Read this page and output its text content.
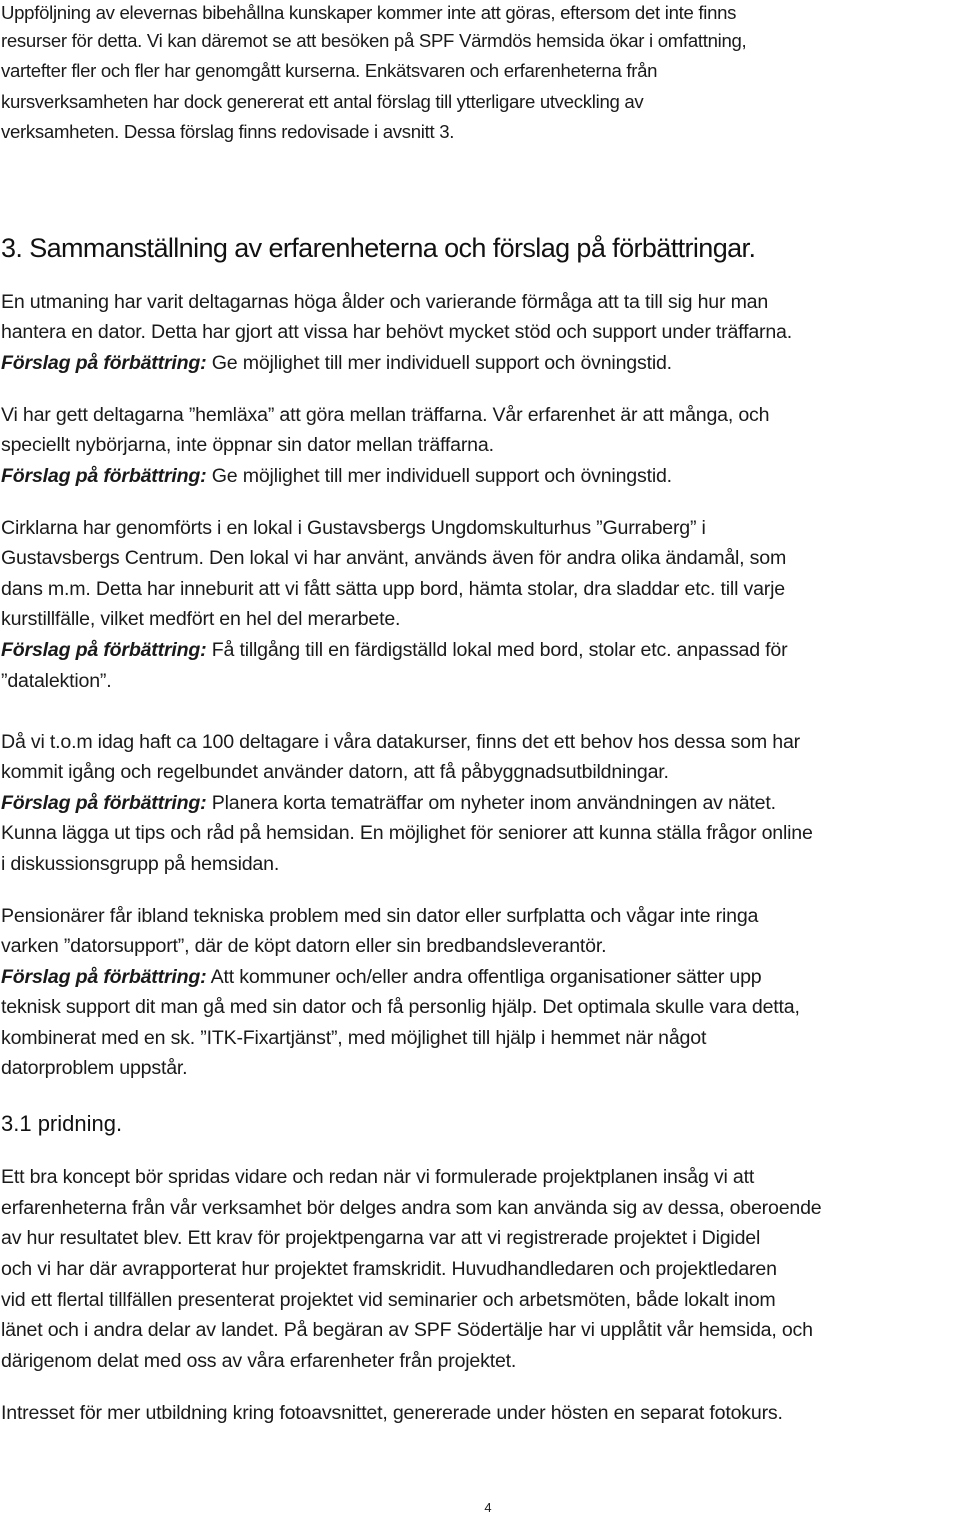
Uppföljning av elevernas bibehållna kunskaper kommer inte att göras, eftersom det inte finns
resurser för detta. Vi kan däremot se att besöken på SPF Värmdös hemsida ökar i omfattning,
vartefter fler och fler har genomgått kurserna. Enkätsvaren och erfarenheterna från
kursverksamheten har dock genererat ett antal förslag till ytterligare utveckling av
verksamheten. Dessa förslag finns redovisade i avsnitt 3.
3. Sammanställning av erfarenheterna och förslag på förbättringar.
En utmaning har varit deltagarnas höga ålder och varierande förmåga att ta till sig hur man
hantera en dator. Detta har gjort att vissa har behövt mycket stöd och support under träffarna.
Förslag på förbättring: Ge möjlighet till mer individuell support och övningstid.
Vi har gett deltagarna ”hemläxa” att göra mellan träffarna. Vår erfarenhet är att många, och
speciellt nybörjarna, inte öppnar sin dator mellan träffarna.
Förslag på förbättring: Ge möjlighet till mer individuell support och övningstid.
Cirklarna har genomförts i en lokal i Gustavsbergs Ungdomskulturhus ”Gurraberg” i
Gustavsbergs Centrum. Den lokal vi har använt, används även för andra olika ändamål, som
dans m.m. Detta har inneburit att vi fått sätta upp bord, hämta stolar, dra sladdar etc. till varje
kurstillfälle, vilket medfört en hel del merarbete.
Förslag på förbättring: Få tillgång till en färdigställd lokal med bord, stolar etc. anpassad för
”datalektion”.
Då vi t.o.m idag haft ca 100 deltagare i våra datakurser, finns det ett behov hos dessa som har
kommit igång och regelbundet använder datorn, att få påbyggnadsutbildningar.
Förslag på förbättring: Planera korta tematräffar om nyheter inom användningen av nätet.
Kunna lägga ut tips och råd på hemsidan. En möjlighet för seniorer att kunna ställa frågor online
i diskussionsgrupp på hemsidan.
Pensionärer får ibland tekniska problem med sin dator eller surfplatta och vågar inte ringa
varken ”datorsupport”, där de köpt datorn eller sin bredbandsleverantör.
Förslag på förbättring: Att kommuner och/eller andra offentliga organisationer sätter upp
teknisk support dit man gå med sin dator och få personlig hjälp. Det optimala skulle vara detta,
kombinerat med en sk. ”ITK-Fixartjänst”, med möjlighet till hjälp i hemmet när något
datorproblem uppstår.
3.1 pridning.
Ett bra koncept bör spridas vidare och redan när vi formulerade projektplanen insåg vi att
erfarenheterna från vår verksamhet bör delges andra som kan använda sig av dessa, oberoende
av hur resultatet blev. Ett krav för projektpengarna var att vi registrerade projektet i Digidel
och vi har där avrapporterat hur projektet framskridit. Huvudhandledaren och projektledaren
vid ett flertal tillfällen presenterat projektet vid seminarier och arbetsmöten, både lokalt inom
länet och i andra delar av landet. På begäran av SPF Södertälje har vi upplåtit vår hemsida, och
därigenom delat med oss av våra erfarenheter från projektet.
Intresset för mer utbildning kring fotoavsnittet, genererade under hösten en separat fotokurs.
4
